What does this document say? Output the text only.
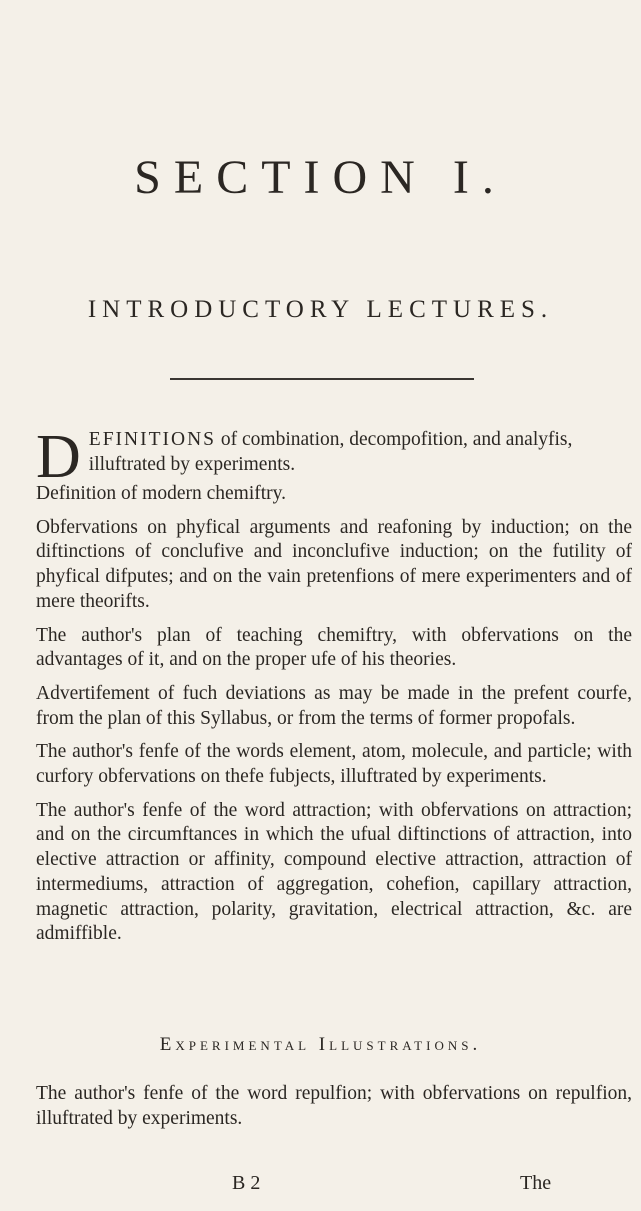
SECTION I.
INTRODUCTORY LECTURES.
DEFINITIONS of combination, decompofition, and analyfis, illuftrated by experiments.

Definition of modern chemiftry.

Obfervations on phyfical arguments and reafoning by induction; on the diftinctions of conclufive and inconclufive induction; on the futility of phyfical difputes; and on the vain pretenfions of mere experimenters and of mere theorifts.

The author's plan of teaching chemiftry, with obfervations on the advantages of it, and on the proper ufe of his theories.

Advertifement of fuch deviations as may be made in the prefent courfe, from the plan of this Syllabus, or from the terms of former propofals.

The author's fenfe of the words element, atom, molecule, and particle; with curfory obfervations on thefe fubjects, illuftrated by experiments.

The author's fenfe of the word attraction; with obfervations on attraction; and on the circumftances in which the ufual diftinctions of attraction, into elective attraction or affinity, compound elective attraction, attraction of intermediums, attraction of aggregation, cohefion, capillary attraction, magnetic attraction, polarity, gravitation, electrical attraction, &c. are admiffible.

Experimental Illustrations.
The author's fenfe of the word repulfion; with obfervations on repulfion, illuftrated by experiments.
B 2	The
